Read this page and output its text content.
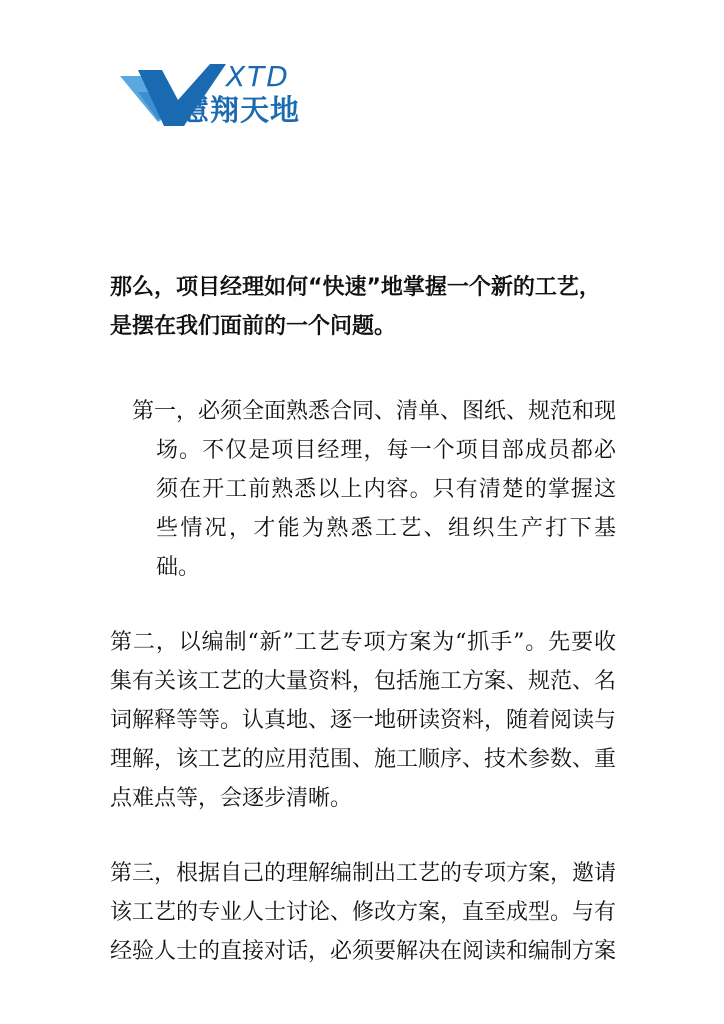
XTD
慧翔天地

那么，项目经理如何“快速”地掌握一个新的工艺，是摆在我们面前的一个问题。

第一，必须全面熟悉合同、清单、图纸、规范和现场。不仅是项目经理，每一个项目部成员都必须在开工前熟悉以上内容。只有清楚的掌握这些情况，才能为熟悉工艺、组织生产打下基础。

第二，以编制“新”工艺专项方案为“抓手”。先要收集有关该工艺的大量资料，包括施工方案、规范、名词解释等等。认真地、逐一地研读资料，随着阅读与理解，该工艺的应用范围、施工顺序、技术参数、重点难点等，会逐步清晰。

第三，根据自己的理解编制出工艺的专项方案，邀请该工艺的专业人士讨论、修改方案，直至成型。与有经验人士的直接对话，必须要解决在阅读和编制方案
